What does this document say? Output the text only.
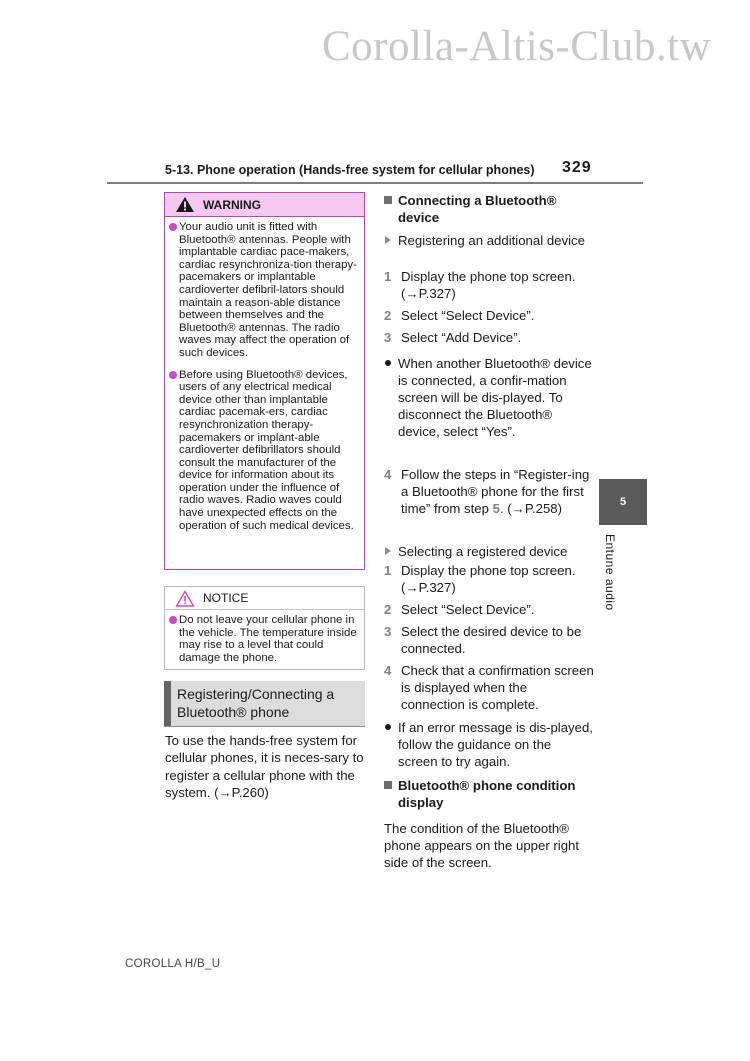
Corolla-Altis-Club.tw
5-13. Phone operation (Hands-free system for cellular phones) 329
WARNING
Your audio unit is fitted with Bluetooth® antennas. People with implantable cardiac pace-makers, cardiac resynchroniza-tion therapy-pacemakers or implantable cardioverter defibril-lators should maintain a reason-able distance between themselves and the Bluetooth® antennas. The radio waves may affect the operation of such devices.
Before using Bluetooth® devices, users of any electrical medical device other than implantable cardiac pacemak-ers, cardiac resynchronization therapy-pacemakers or implant-able cardioverter defibrillators should consult the manufacturer of the device for information about its operation under the influence of radio waves. Radio waves could have unexpected effects on the operation of such medical devices.
NOTICE
Do not leave your cellular phone in the vehicle. The temperature inside may rise to a level that could damage the phone.
Registering/Connecting a Bluetooth® phone
To use the hands-free system for cellular phones, it is neces-sary to register a cellular phone with the system. (→P.260)
Connecting a Bluetooth® device
Registering an additional device
1 Display the phone top screen. (→P.327)
2 Select “Select Device”.
3 Select “Add Device”.
When another Bluetooth® device is connected, a confir-mation screen will be dis-played. To disconnect the Bluetooth® device, select “Yes”.
4 Follow the steps in “Register-ing a Bluetooth® phone for the first time” from step 5. (→P.258)
Selecting a registered device
1 Display the phone top screen. (→P.327)
2 Select “Select Device”.
3 Select the desired device to be connected.
4 Check that a confirmation screen is displayed when the connection is complete.
If an error message is dis-played, follow the guidance on the screen to try again.
Bluetooth® phone condition display
The condition of the Bluetooth® phone appears on the upper right side of the screen.
5
Entune audio
COROLLA H/B_U
